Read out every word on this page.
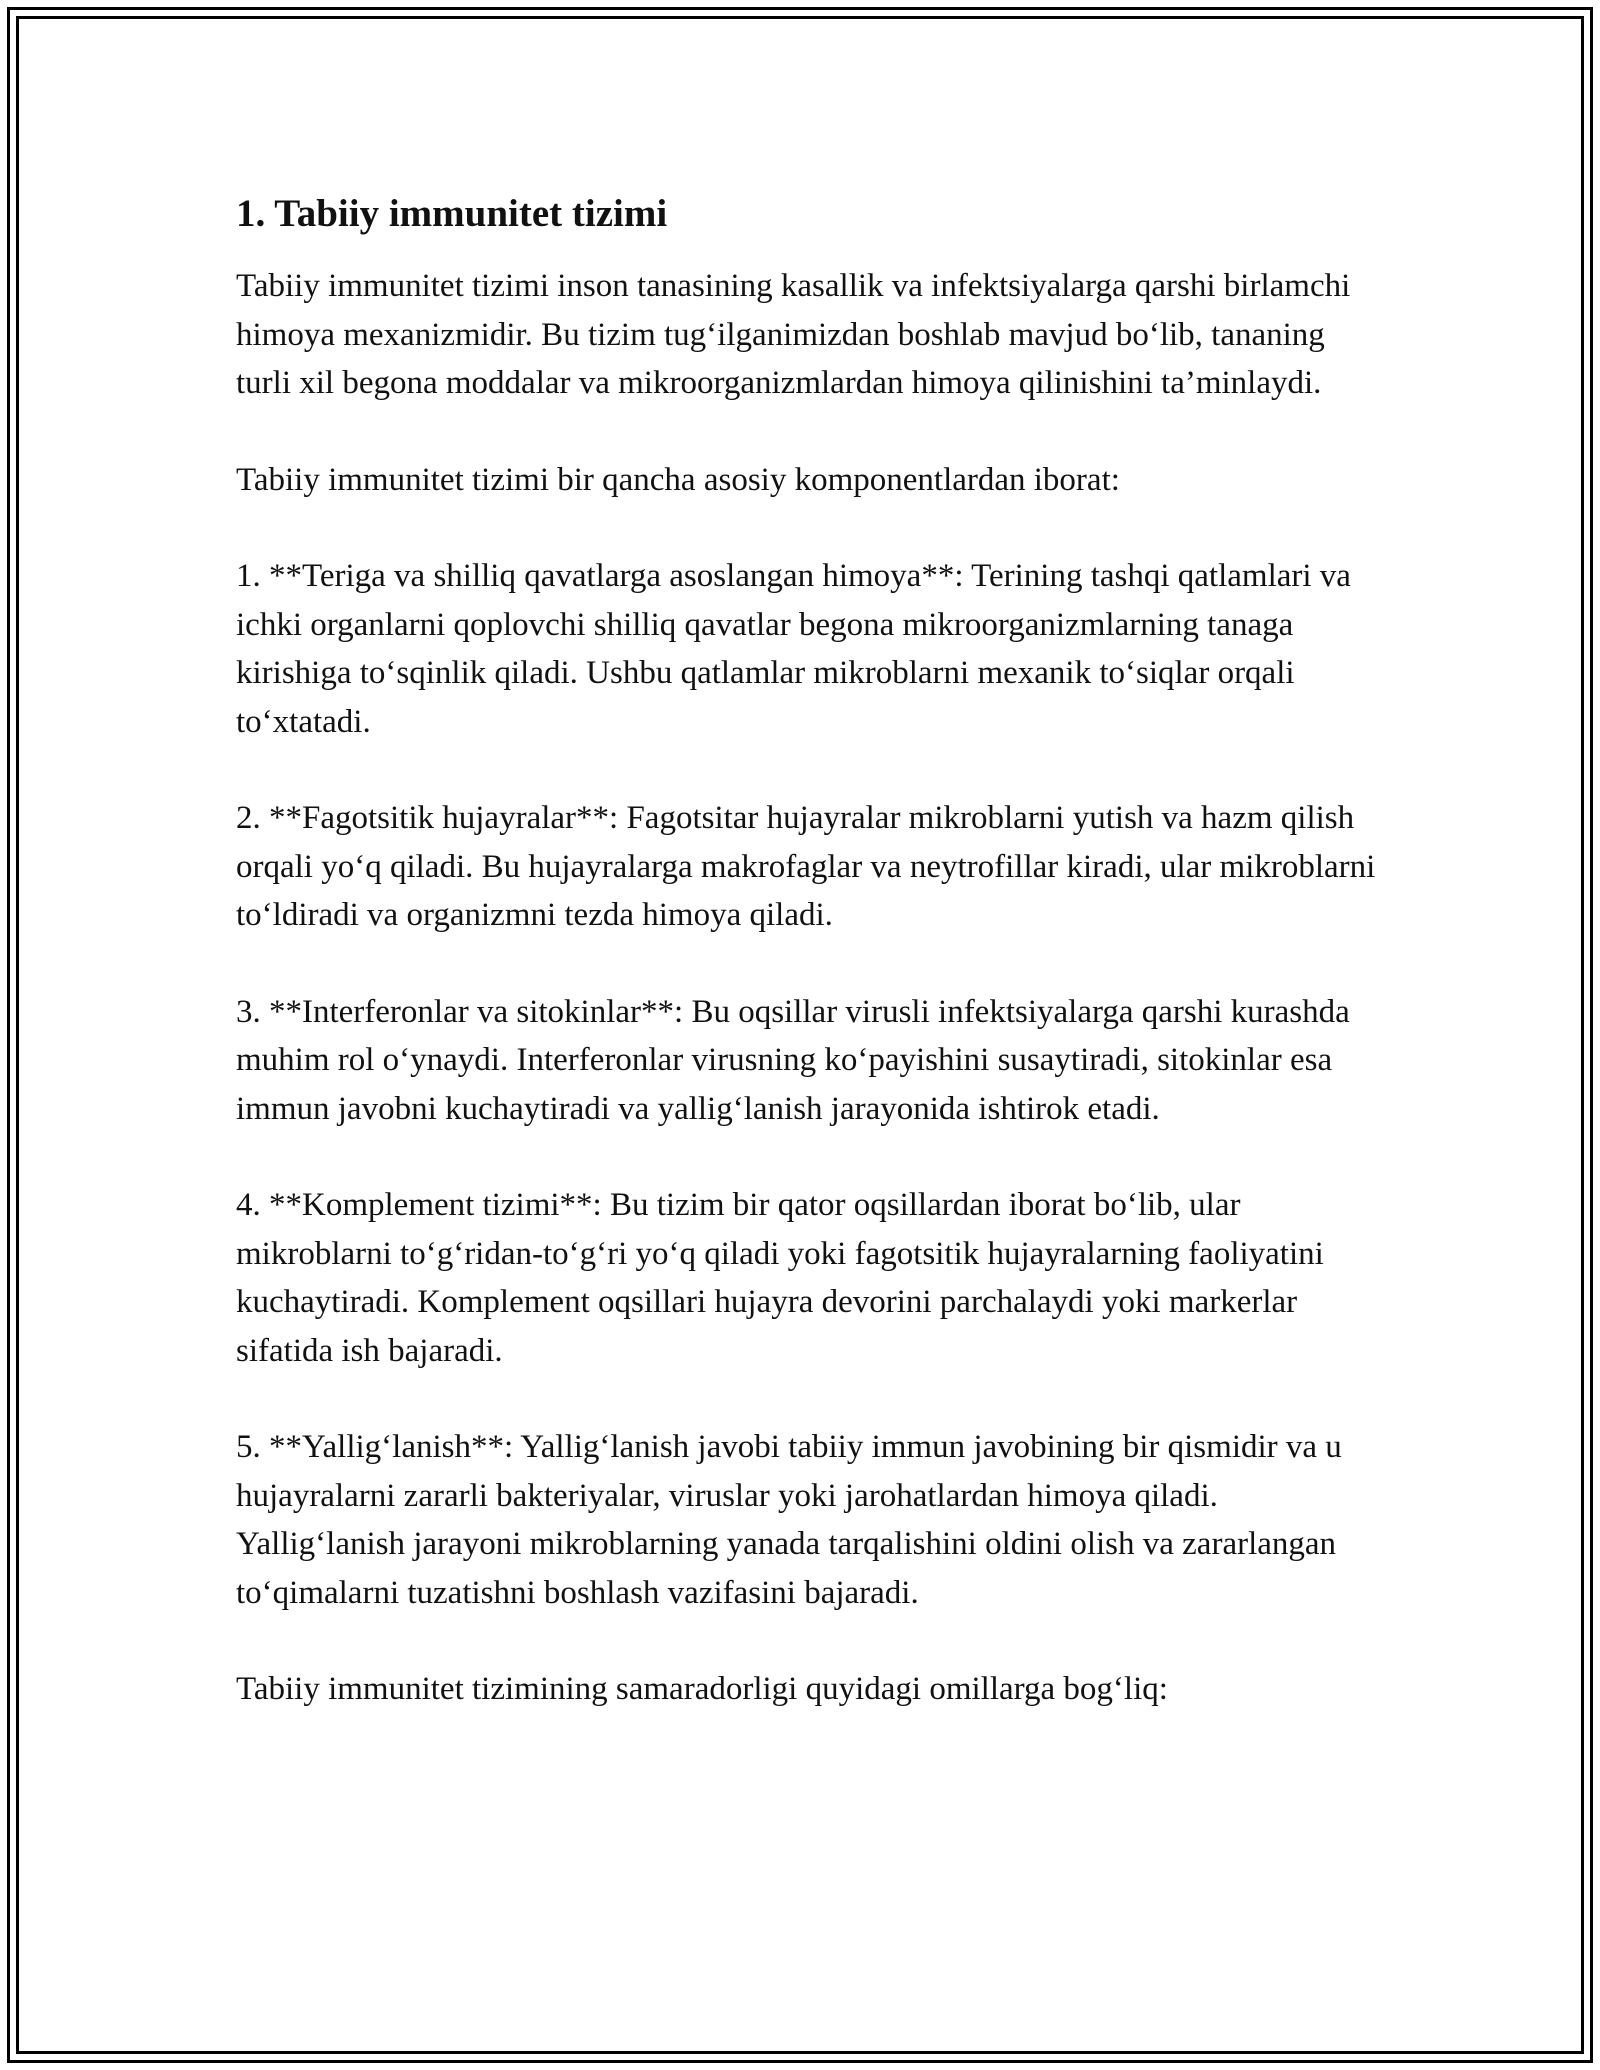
1. Tabiiy immunitet tizimi

Tabiiy immunitet tizimi inson tanasining kasallik va infektsiyalarga qarshi birlamchi himoya mexanizmidir. Bu tizim tug‘ilganimizdan boshlab mavjud bo‘lib, tananing turli xil begona moddalar va mikroorganizmlardan himoya qilinishini ta’minlaydi.

Tabiiy immunitet tizimi bir qancha asosiy komponentlardan iborat:

1. **Teriga va shilliq qavatlarga asoslangan himoya**: Terining tashqi qatlamlari va ichki organlarni qoplovchi shilliq qavatlar begona mikroorganizmlarning tanaga kirishiga to‘sqinlik qiladi. Ushbu qatlamlar mikroblarni mexanik to‘siqlar orqali to‘xtatadi.

2. **Fagotsitik hujayralar**: Fagotsitar hujayralar mikroblarni yutish va hazm qilish orqali yo‘q qiladi. Bu hujayralarga makrofaglar va neytrofillar kiradi, ular mikroblarni to‘ldiradi va organizmni tezda himoya qiladi.

3. **Interferonlar va sitokinlar**: Bu oqsillar virusli infektsiyalarga qarshi kurashda muhim rol o‘ynaydi. Interferonlar virusning ko‘payishini susaytiradi, sitokinlar esa immun javobni kuchaytiradi va yallig‘lanish jarayonida ishtirok etadi.

4. **Komplement tizimi**: Bu tizim bir qator oqsillardan iborat bo‘lib, ular mikroblarni to‘g‘ridan-to‘g‘ri yo‘q qiladi yoki fagotsitik hujayralarning faoliyatini kuchaytiradi. Komplement oqsillari hujayra devorini parchalaydi yoki markerlar sifatida ish bajaradi.

5. **Yallig‘lanish**: Yallig‘lanish javobi tabiiy immun javobining bir qismidir va u hujayralarni zararli bakteriyalar, viruslar yoki jarohatlardan himoya qiladi. Yallig‘lanish jarayoni mikroblarning yanada tarqalishini oldini olish va zararlangan to‘qimalarni tuzatishni boshlash vazifasini bajaradi.

Tabiiy immunitet tizimining samaradorligi quyidagi omillarga bog‘liq:
